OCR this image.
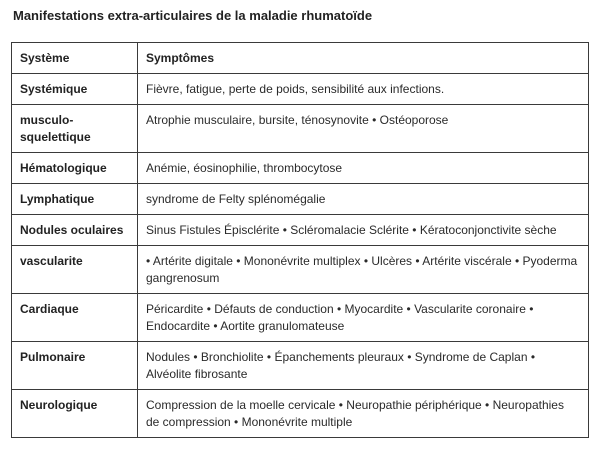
Manifestations extra-articulaires de la maladie rhumatoïde
Système	Symptômes
Systémique	Fièvre, fatigue, perte de poids, sensibilité aux infections.
musculo-squelettique	Atrophie musculaire, bursite, ténosynovite • Ostéoporose
Hématologique	Anémie, éosinophilie, thrombocytose
Lymphatique	syndrome de Felty splénomégalie
Nodules oculaires	Sinus Fistules Épisclérite • Scléromalacie Sclérite • Kératoconjonctivite sèche
vascularite	• Artérite digitale • Mononévrite multiplex • Ulcères • Artérite viscérale • Pyoderma gangrenosum
Cardiaque	Péricardite • Défauts de conduction • Myocardite • Vascularite coronaire • Endocardite • Aortite granulomateuse
Pulmonaire	Nodules • Bronchiolite • Épanchements pleuraux • Syndrome de Caplan • Alvéolite fibrosante
Neurologique	Compression de la moelle cervicale • Neuropathie périphérique • Neuropathies de compression • Mononévrite multiple
